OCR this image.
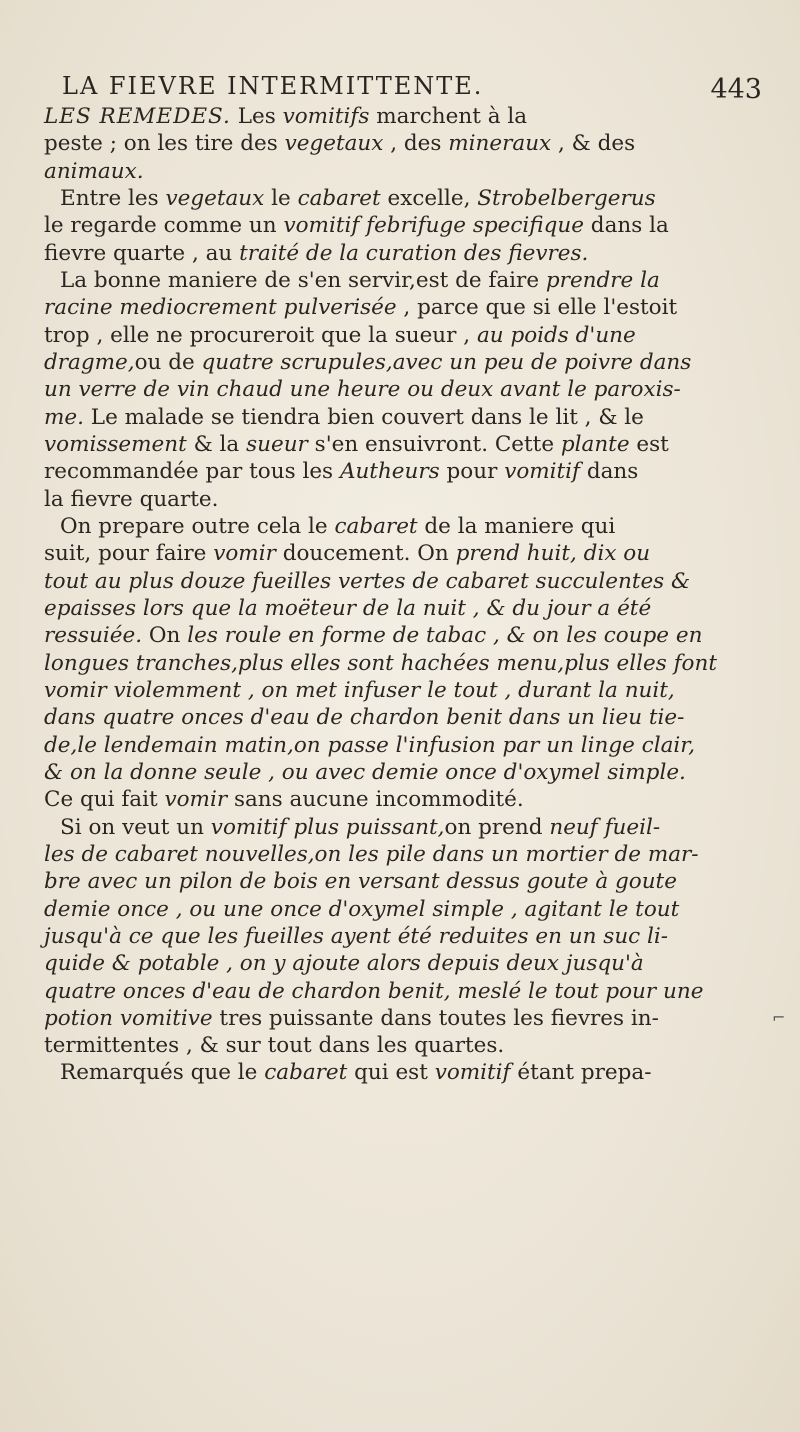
LA FIEVRE INTERMITTENTE.	443
LES REMEDES. Les vomitifs marchent à la
peste ; on les tire des vegetaux , des mineraux , & des
animaux.
Entre les vegetaux le cabaret excelle, Strobelbergerus
le regarde comme un vomitif febrifuge specifique dans la
fievre quarte , au traité de la curation des fievres.
La bonne maniere de s'en servir,est de faire prendre la
racine mediocrement pulverisée , parce que si elle l'estoit
trop , elle ne procureroit que la sueur , au poids d'une
dragme,ou de quatre scrupules,avec un peu de poivre dans
un verre de vin chaud une heure ou deux avant le paroxis-
me. Le malade se tiendra bien couvert dans le lit , & le
vomissement & la sueur s'en ensuivront. Cette plante est
recommandée par tous les Autheurs pour vomitif dans
la fievre quarte.
On prepare outre cela le cabaret de la maniere qui
suit, pour faire vomir doucement. On prend huit, dix ou
tout au plus douze fueilles vertes de cabaret succulentes &
epaisses lors que la moëteur de la nuit , & du jour a été
ressuiée. On les roule en forme de tabac , & on les coupe en
longues tranches,plus elles sont hachées menu,plus elles font
vomir violemment , on met infuser le tout , durant la nuit,
dans quatre onces d'eau de chardon benit dans un lieu tie-
de,le lendemain matin,on passe l'infusion par un linge clair,
& on la donne seule , ou avec demie once d'oxymel simple.
Ce qui fait vomir sans aucune incommodité.
Si on veut un vomitif plus puissant,on prend neuf fueil-
les de cabaret nouvelles,on les pile dans un mortier de mar-
bre avec un pilon de bois en versant dessus goute à goute
demie once , ou une once d'oxymel simple , agitant le tout
jusqu'à ce que les fueilles ayent été reduites en un suc li-
quide & potable , on y ajoute alors depuis deux jusqu'à
quatre onces d'eau de chardon benit, meslé le tout pour une
potion vomitive tres puissante dans toutes les fievres in-
termittentes , & sur tout dans les quartes.
Remarqués que le cabaret qui est vomitif étant prepa-
⌐
